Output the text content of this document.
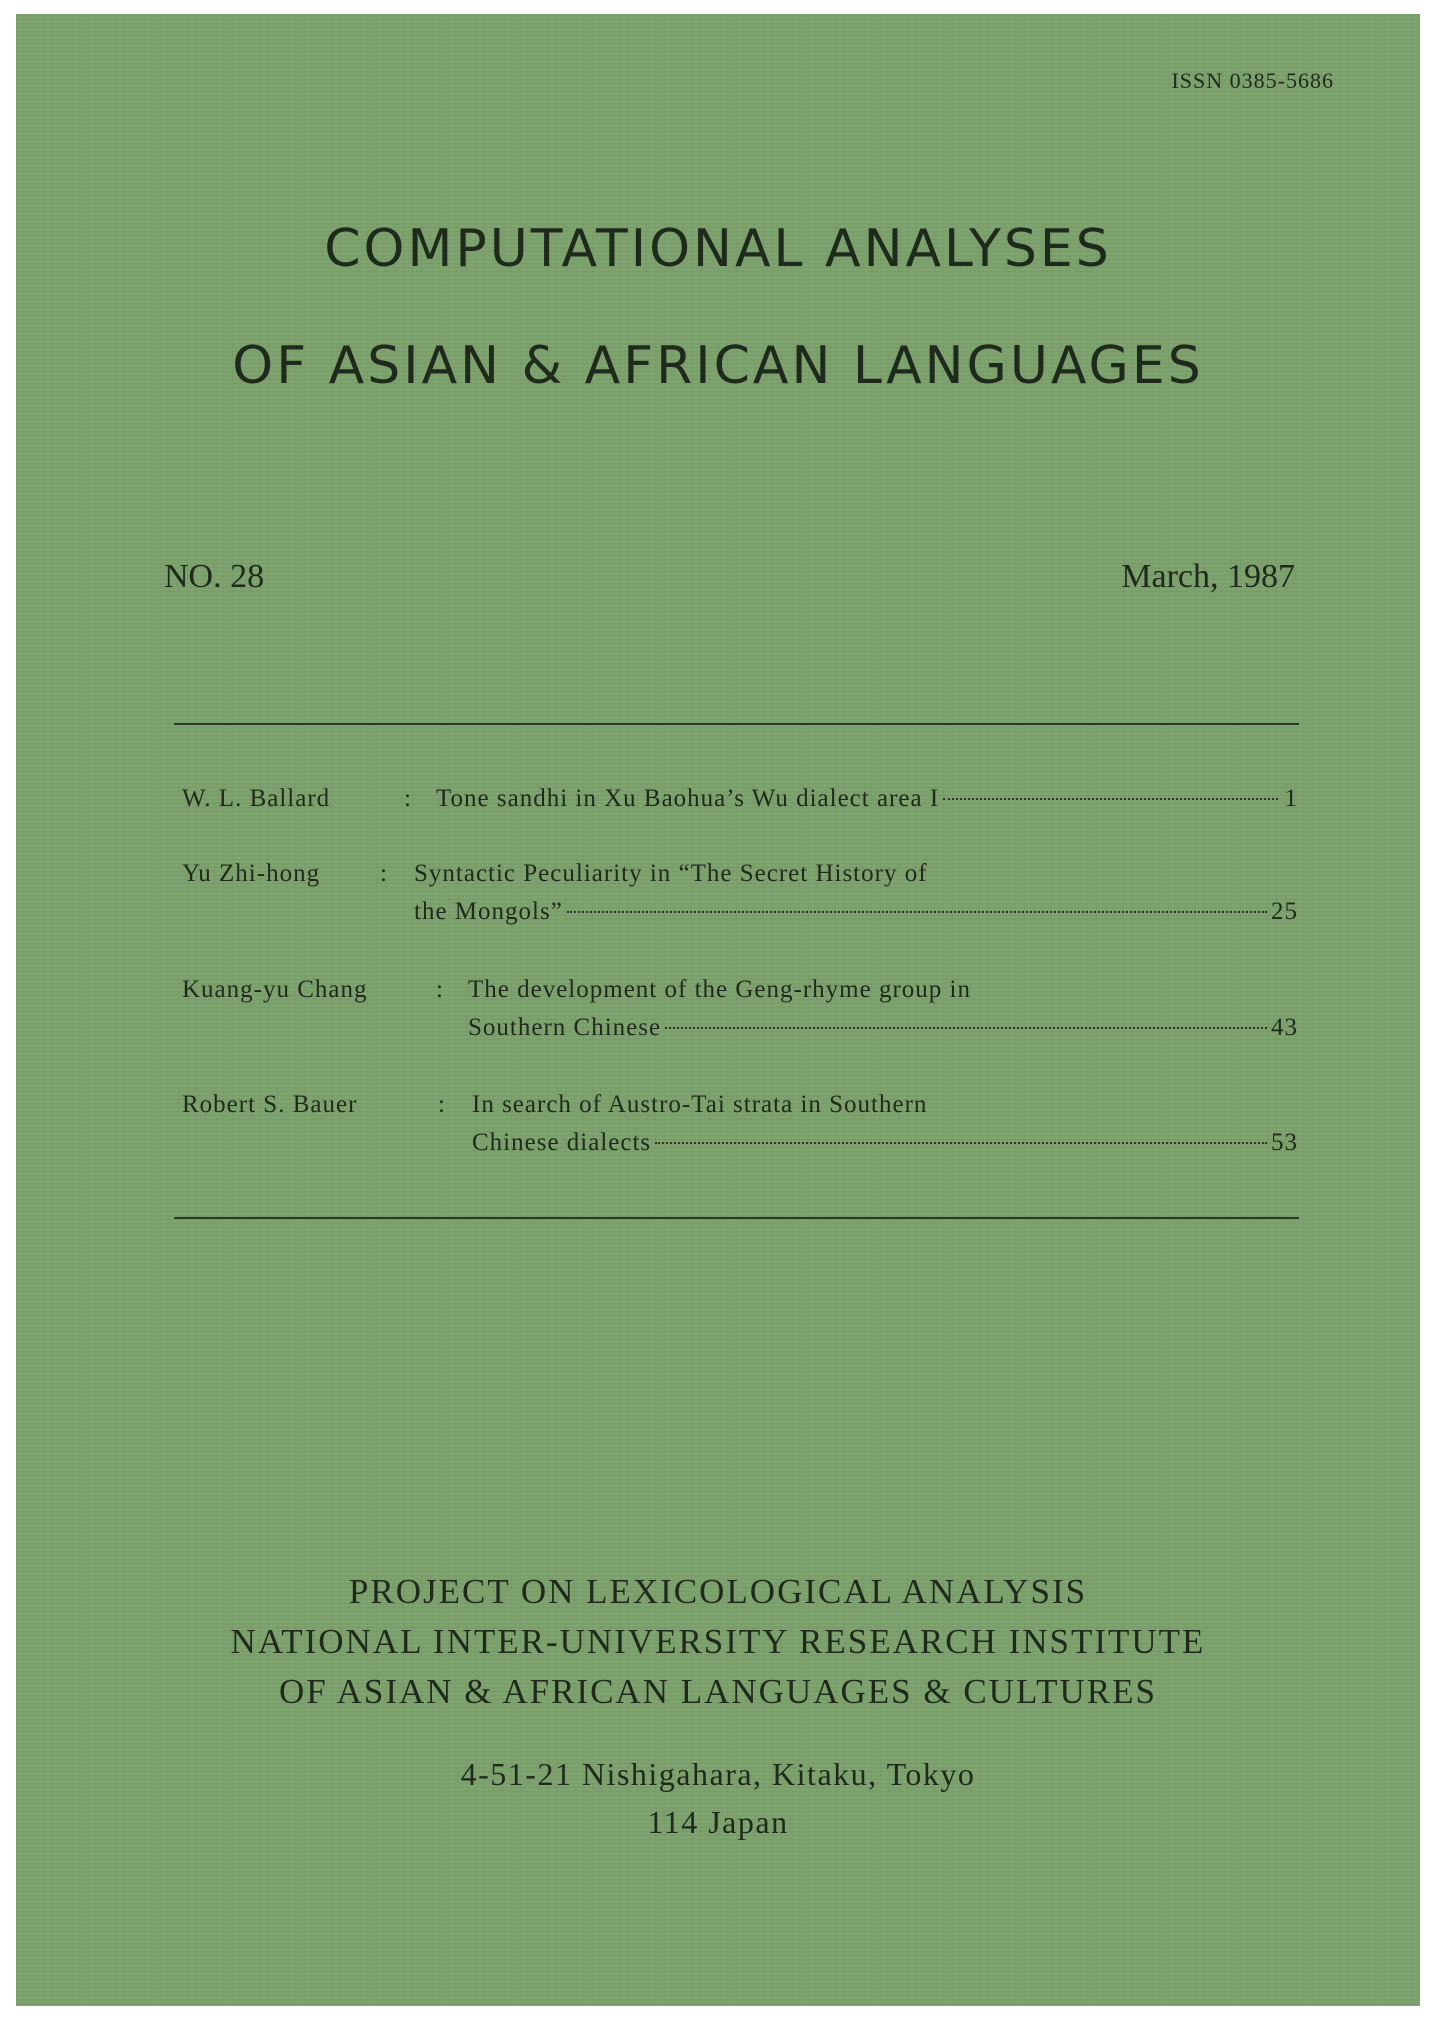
ISSN 0385-5686
COMPUTATIONAL ANALYSES
OF ASIAN & AFRICAN LANGUAGES
NO. 28	March, 1987
W. L. Ballard	: Tone sandhi in Xu Baohua’s Wu dialect area I	1
Yu Zhi-hong : Syntactic Peculiarity in “The Secret History of
the Mongols”	25
Kuang-yu Chang	: The development of the Geng-rhyme group in
Southern Chinese	43
Robert S. Bauer	: In search of Austro-Tai strata in Southern
Chinese dialects	53
PROJECT ON LEXICOLOGICAL ANALYSIS
NATIONAL INTER-UNIVERSITY RESEARCH INSTITUTE
OF ASIAN & AFRICAN LANGUAGES & CULTURES
4-51-21 Nishigahara, Kitaku, Tokyo
114 Japan
